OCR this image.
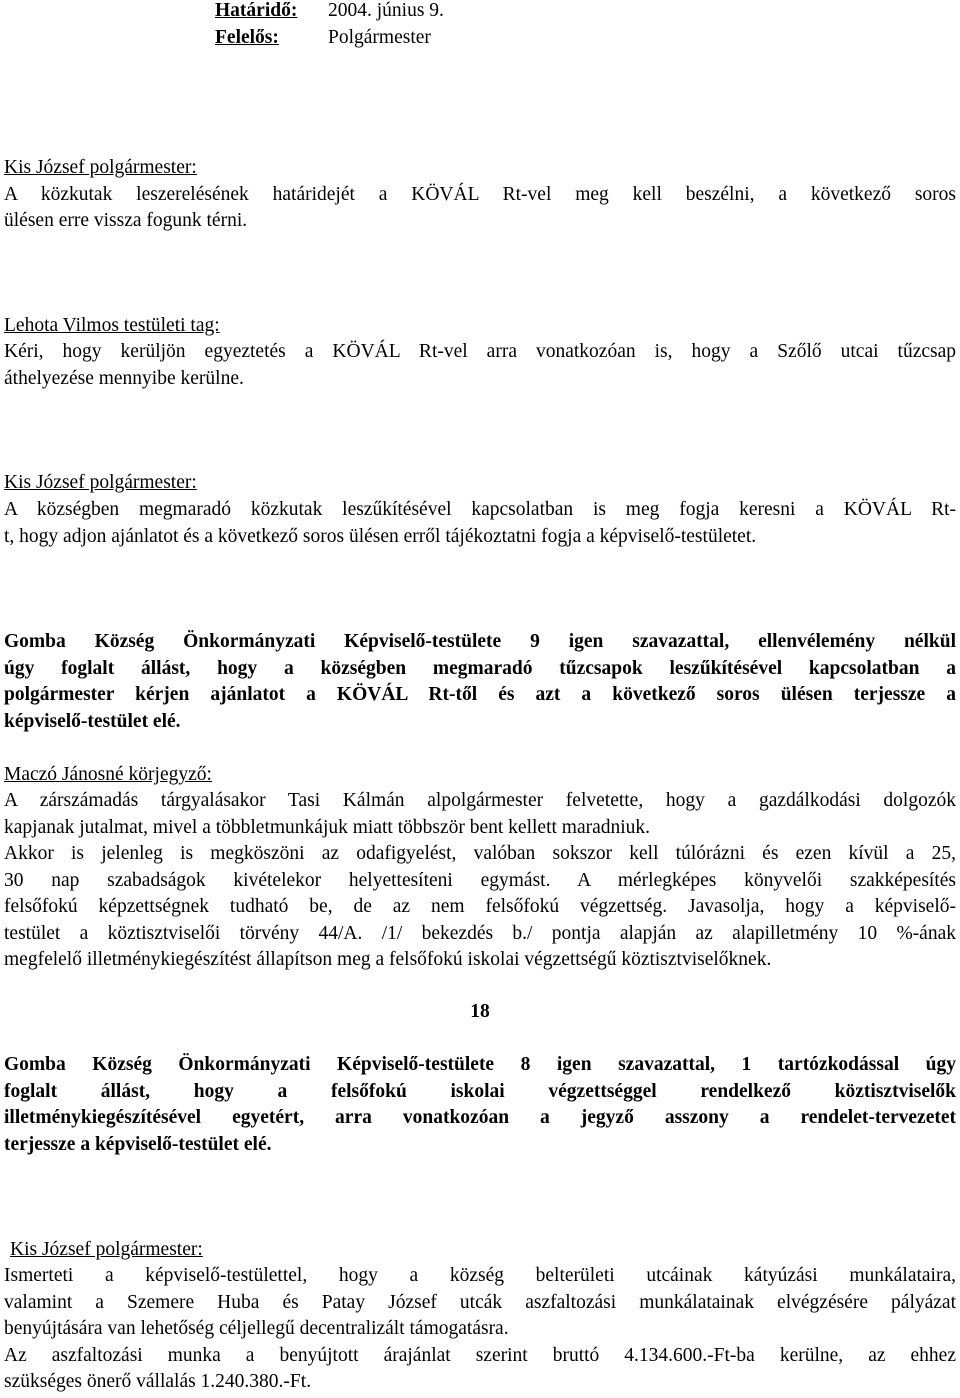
Határidő: 2004. június 9.

Felelős:	Polgármester

Kis József polgármester:

A közkutak leszerelésének határidejét a KÖVÁL Rt-vel meg kell beszélni, a következő soros

ülésen erre vissza fogunk térni.

Lehota Vilmos testületi tag:

Kéri, hogy kerüljön egyeztetés a KÖVÁL Rt-vel arra vonatkozóan is, hogy a Szőlő utcai tűzcsap

áthelyezése mennyibe kerülne.

Kis József polgármester:

A községben megmaradó közkutak leszűkítésével kapcsolatban is meg fogja keresni a KÖVÁL Rt-

t, hogy adjon ajánlatot és a következő soros ülésen erről tájékoztatni fogja a képviselő-testületet.

Gomba Község Önkormányzati Képviselő-testülete 9 igen szavazattal, ellenvélemény nélkül

úgy foglalt állást, hogy a községben megmaradó tűzcsapok leszűkítésével kapcsolatban a

polgármester kérjen ajánlatot a KÖVÁL Rt-től és azt a következő soros ülésen terjessze a

képviselő-testület elé.

Maczó Jánosné körjegyző:

A zárszámadás tárgyalásakor Tasi Kálmán alpolgármester felvetette, hogy a gazdálkodási dolgozók

kapjanak jutalmat, mivel a többletmunkájuk miatt többször bent kellett maradniuk.

Akkor is jelenleg is megköszöni az odafigyelést, valóban sokszor kell túlórázni és ezen kívül a 25,

30 nap szabadságok kivételekor helyettesíteni egymást. A mérlegképes könyvelői szakképesítés

felsőfokú képzettségnek tudható be, de az nem felsőfokú végzettség. Javasolja, hogy a képviselő-

testület a köztisztviselői törvény 44/A. /1/ bekezdés b./ pontja alapján az alapilletmény 10 %-ának

megfelelő illetménykiegészítést állapítson meg a felsőfokú iskolai végzettségű köztisztviselőknek.

18

Gomba Község Önkormányzati Képviselő-testülete 8 igen szavazattal, 1 tartózkodással úgy

foglalt állást, hogy a felsőfokú iskolai végzettséggel rendelkező köztisztviselők

illetménykiegészítésével egyetért, arra vonatkozóan a jegyző asszony a rendelet-tervezetet

terjessze a képviselő-testület elé.

Kis József polgármester:

Ismerteti a képviselő-testülettel, hogy a község belterületi utcáinak kátyúzási munkálataira,

valamint a Szemere Huba és Patay József utcák aszfaltozási munkálatainak elvégzésére pályázat

benyújtására van lehetőség céljellegű decentralizált támogatásra.

Az aszfaltozási munka a benyújtott árajánlat szerint bruttó 4.134.600.-Ft-ba kerülne, az ehhez

szükséges önerő vállalás 1.240.380.-Ft.
